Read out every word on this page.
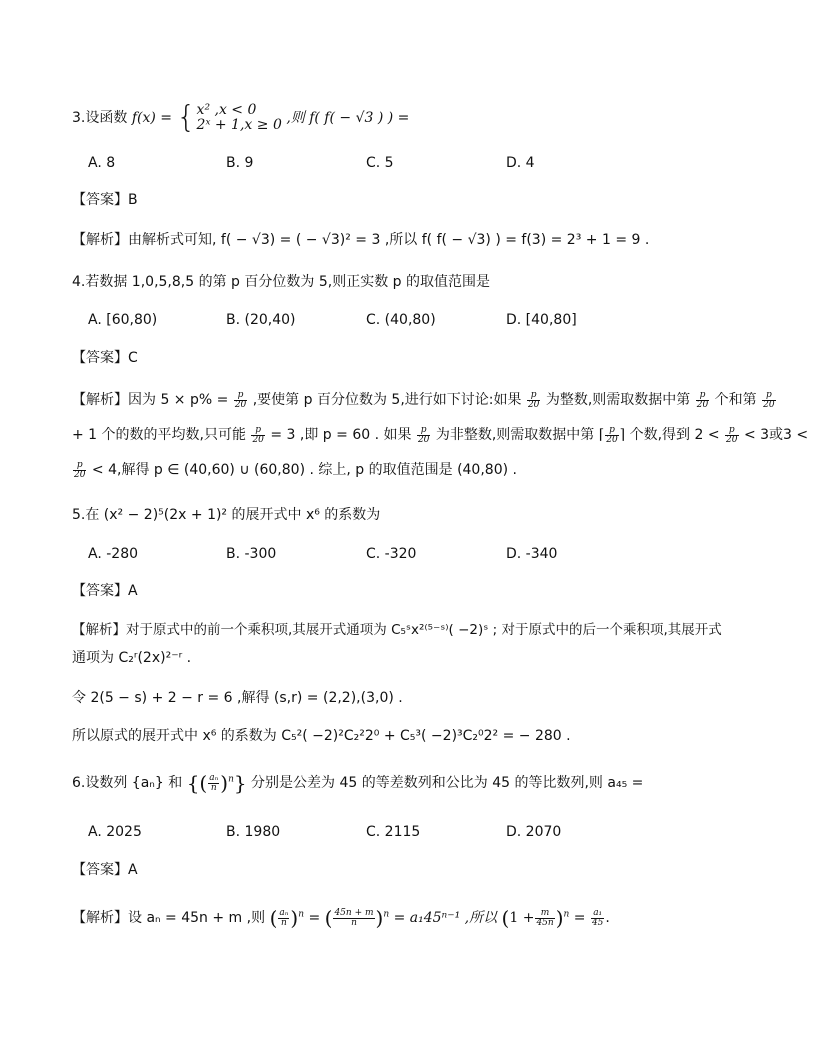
3.设函数 f(x) = { x² ,x < 0
2ˣ + 1,x ≥ 0 ,则 f( f( − √3 ) ) =
A. 8	B. 9	C. 5	D. 4
【答案】B
【解析】由解析式可知, f( − √3) = ( − √3)² = 3 ,所以 f( f( − √3) ) = f(3) = 2³ + 1 = 9 .
4.若数据 1,0,5,8,5 的第 p 百分位数为 5,则正实数 p 的取值范围是
A. [60,80)	B. (20,40)	C. (40,80)	D. [40,80]
【答案】C
【解析】因为 $5 \times p\% = \frac{p}{20}$ ,要使第 p 百分位数为 5,进行如下讨论:如果 $\frac{p}{20}$ 为整数,则需取数据中第 $\frac{p}{20}$ 个和第 $\frac{p}{20}$
+ 1 个的数的平均数,只可能 $\frac{p}{20} = 3$ ,即 p = 60 . 如果 $\frac{p}{20}$ 为非整数,则需取数据中第 ⌈ $\frac{p}{20}$ ⌉ 个数,得到 $2 < \frac{p}{20} < 3$或3 <
$\frac{p}{20} < 4$,解得 p ∈ (40,60) ∪ (60,80) . 综上, p 的取值范围是 (40,80) .
5.在 (x² − 2)⁵(2x + 1)² 的展开式中 x⁶ 的系数为
A. -280	B. -300	C. -320	D. -340
【答案】A
【解析】对于原式中的前一个乘积项,其展开式通项为 C₅ˢx²⁽⁵⁻ˢ⁾( −2)ˢ ; 对于原式中的后一个乘积项,其展开式
通项为 C₂ʳ(2x)²⁻ʳ .
令 2(5 − s) + 2 − r = 6 ,解得 (s,r) = (2,2),(3,0) .
所以原式的展开式中 x⁶ 的系数为 C₅²( −2)²C₂²2⁰ + C₅³( −2)³C₂⁰2² = − 280 .
6.设数列 {aₙ} 和 {( $\frac{\text{aₙ}}{n} )^n$} 分别是公差为 45 的等差数列和公比为 45 的等比数列,则 a₄₅ =
A. 2025	B. 1980	C. 2115	D. 2070
【答案】A
【解析】设 aₙ = 45n + m ,则 ( $\frac{\text{aₙ}}{n} )^n$ = ( $\frac{45n + m}{n} )^n = a_145^{n-1}$ ,所以 $(1 + \frac{m}{45n} )^n = \frac{\text{a₁}}{45}$ .
